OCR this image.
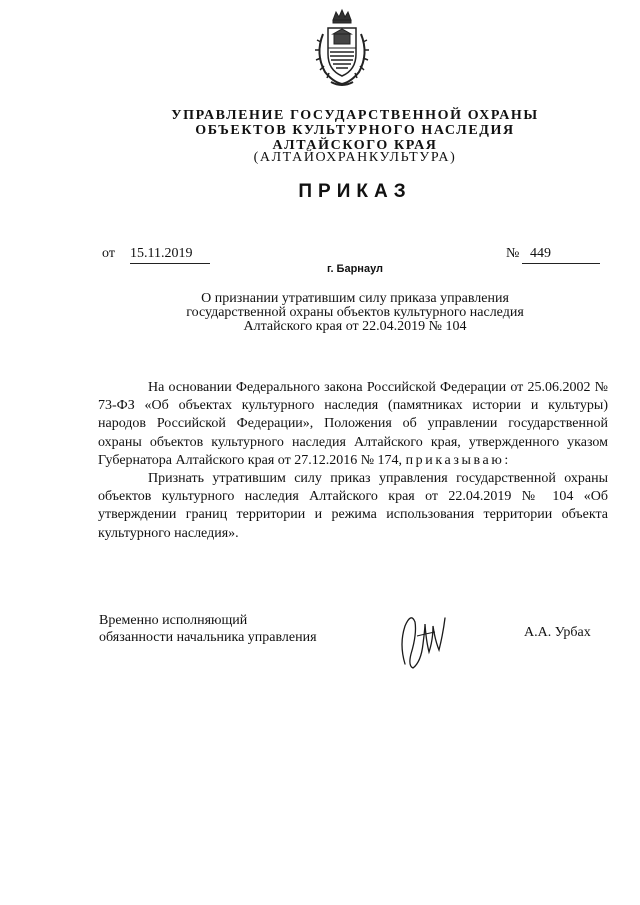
УПРАВЛЕНИЕ ГОСУДАРСТВЕННОЙ ОХРАНЫ
ОБЪЕКТОВ КУЛЬТУРНОГО НАСЛЕДИЯ
АЛТАЙСКОГО КРАЯ
(АЛТАЙОХРАНКУЛЬТУРА)
ПРИКАЗ
от 15.11.2019	№ 449
г. Барнаул
О признании утратившим силу приказа управления
государственной охраны объектов культурного наследия
Алтайского края от 22.04.2019 № 104

На основании Федерального закона Российской Федерации от 25.06.2002 № 73-ФЗ «Об объектах культурного наследия (памятниках истории и культуры) народов Российской Федерации», Положения об управлении государственной охраны объектов культурного наследия Алтайского края, утвержденного указом Губернатора Алтайского края от 27.12.2016 № 174, приказываю:

Признать утратившим силу приказ управления государственной охраны объектов культурного наследия Алтайского края от 22.04.2019 № 104 «Об утверждении границ территории и режима использования территории объекта культурного наследия».

Временно исполняющий
обязанности начальника управления	А.А. Урбах
